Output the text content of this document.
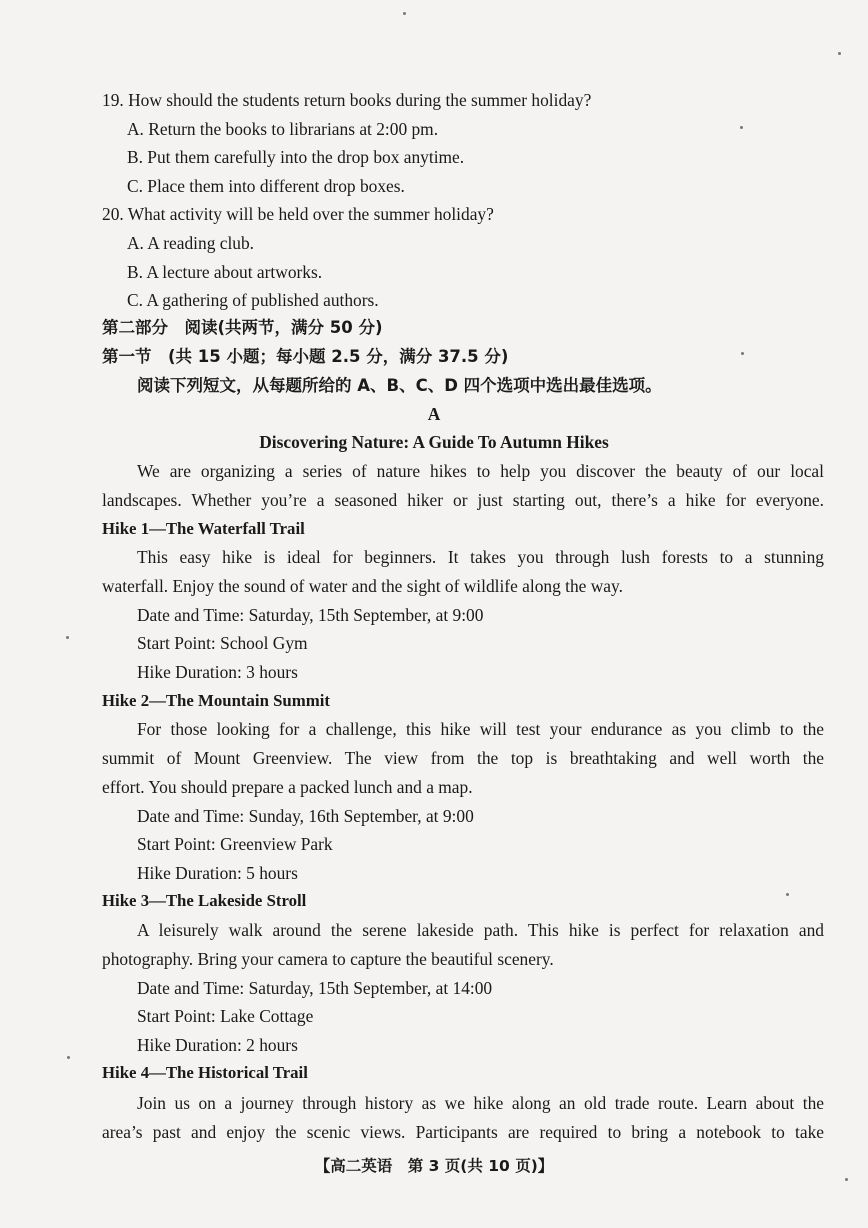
19. How should the students return books during the summer holiday?
A. Return the books to librarians at 2:00 pm.
B. Put them carefully into the drop box anytime.
C. Place them into different drop boxes.
20. What activity will be held over the summer holiday?
A. A reading club.
B. A lecture about artworks.
C. A gathering of published authors.
第二部分　阅读(共两节，满分 50 分)
第一节　(共 15 小题；每小题 2.5 分，满分 37.5 分)
阅读下列短文，从每题所给的 A、B、C、D 四个选项中选出最佳选项。
A
Discovering Nature: A Guide To Autumn Hikes
We are organizing a series of nature hikes to help you discover the beauty of our local
landscapes. Whether you’re a seasoned hiker or just starting out, there’s a hike for everyone.
Hike 1—The Waterfall Trail
This easy hike is ideal for beginners. It takes you through lush forests to a stunning
waterfall. Enjoy the sound of water and the sight of wildlife along the way.
Date and Time: Saturday, 15th September, at 9:00
Start Point: School Gym
Hike Duration: 3 hours
Hike 2—The Mountain Summit
For those looking for a challenge, this hike will test your endurance as you climb to the
summit of Mount Greenview. The view from the top is breathtaking and well worth the
effort. You should prepare a packed lunch and a map.
Date and Time: Sunday, 16th September, at 9:00
Start Point: Greenview Park
Hike Duration: 5 hours
Hike 3—The Lakeside Stroll
A leisurely walk around the serene lakeside path. This hike is perfect for relaxation and
photography. Bring your camera to capture the beautiful scenery.
Date and Time: Saturday, 15th September, at 14:00
Start Point: Lake Cottage
Hike Duration: 2 hours
Hike 4—The Historical Trail
Join us on a journey through history as we hike along an old trade route. Learn about the
area’s past and enjoy the scenic views. Participants are required to bring a notebook to take
【高二英语　第 3 页(共 10 页)】
